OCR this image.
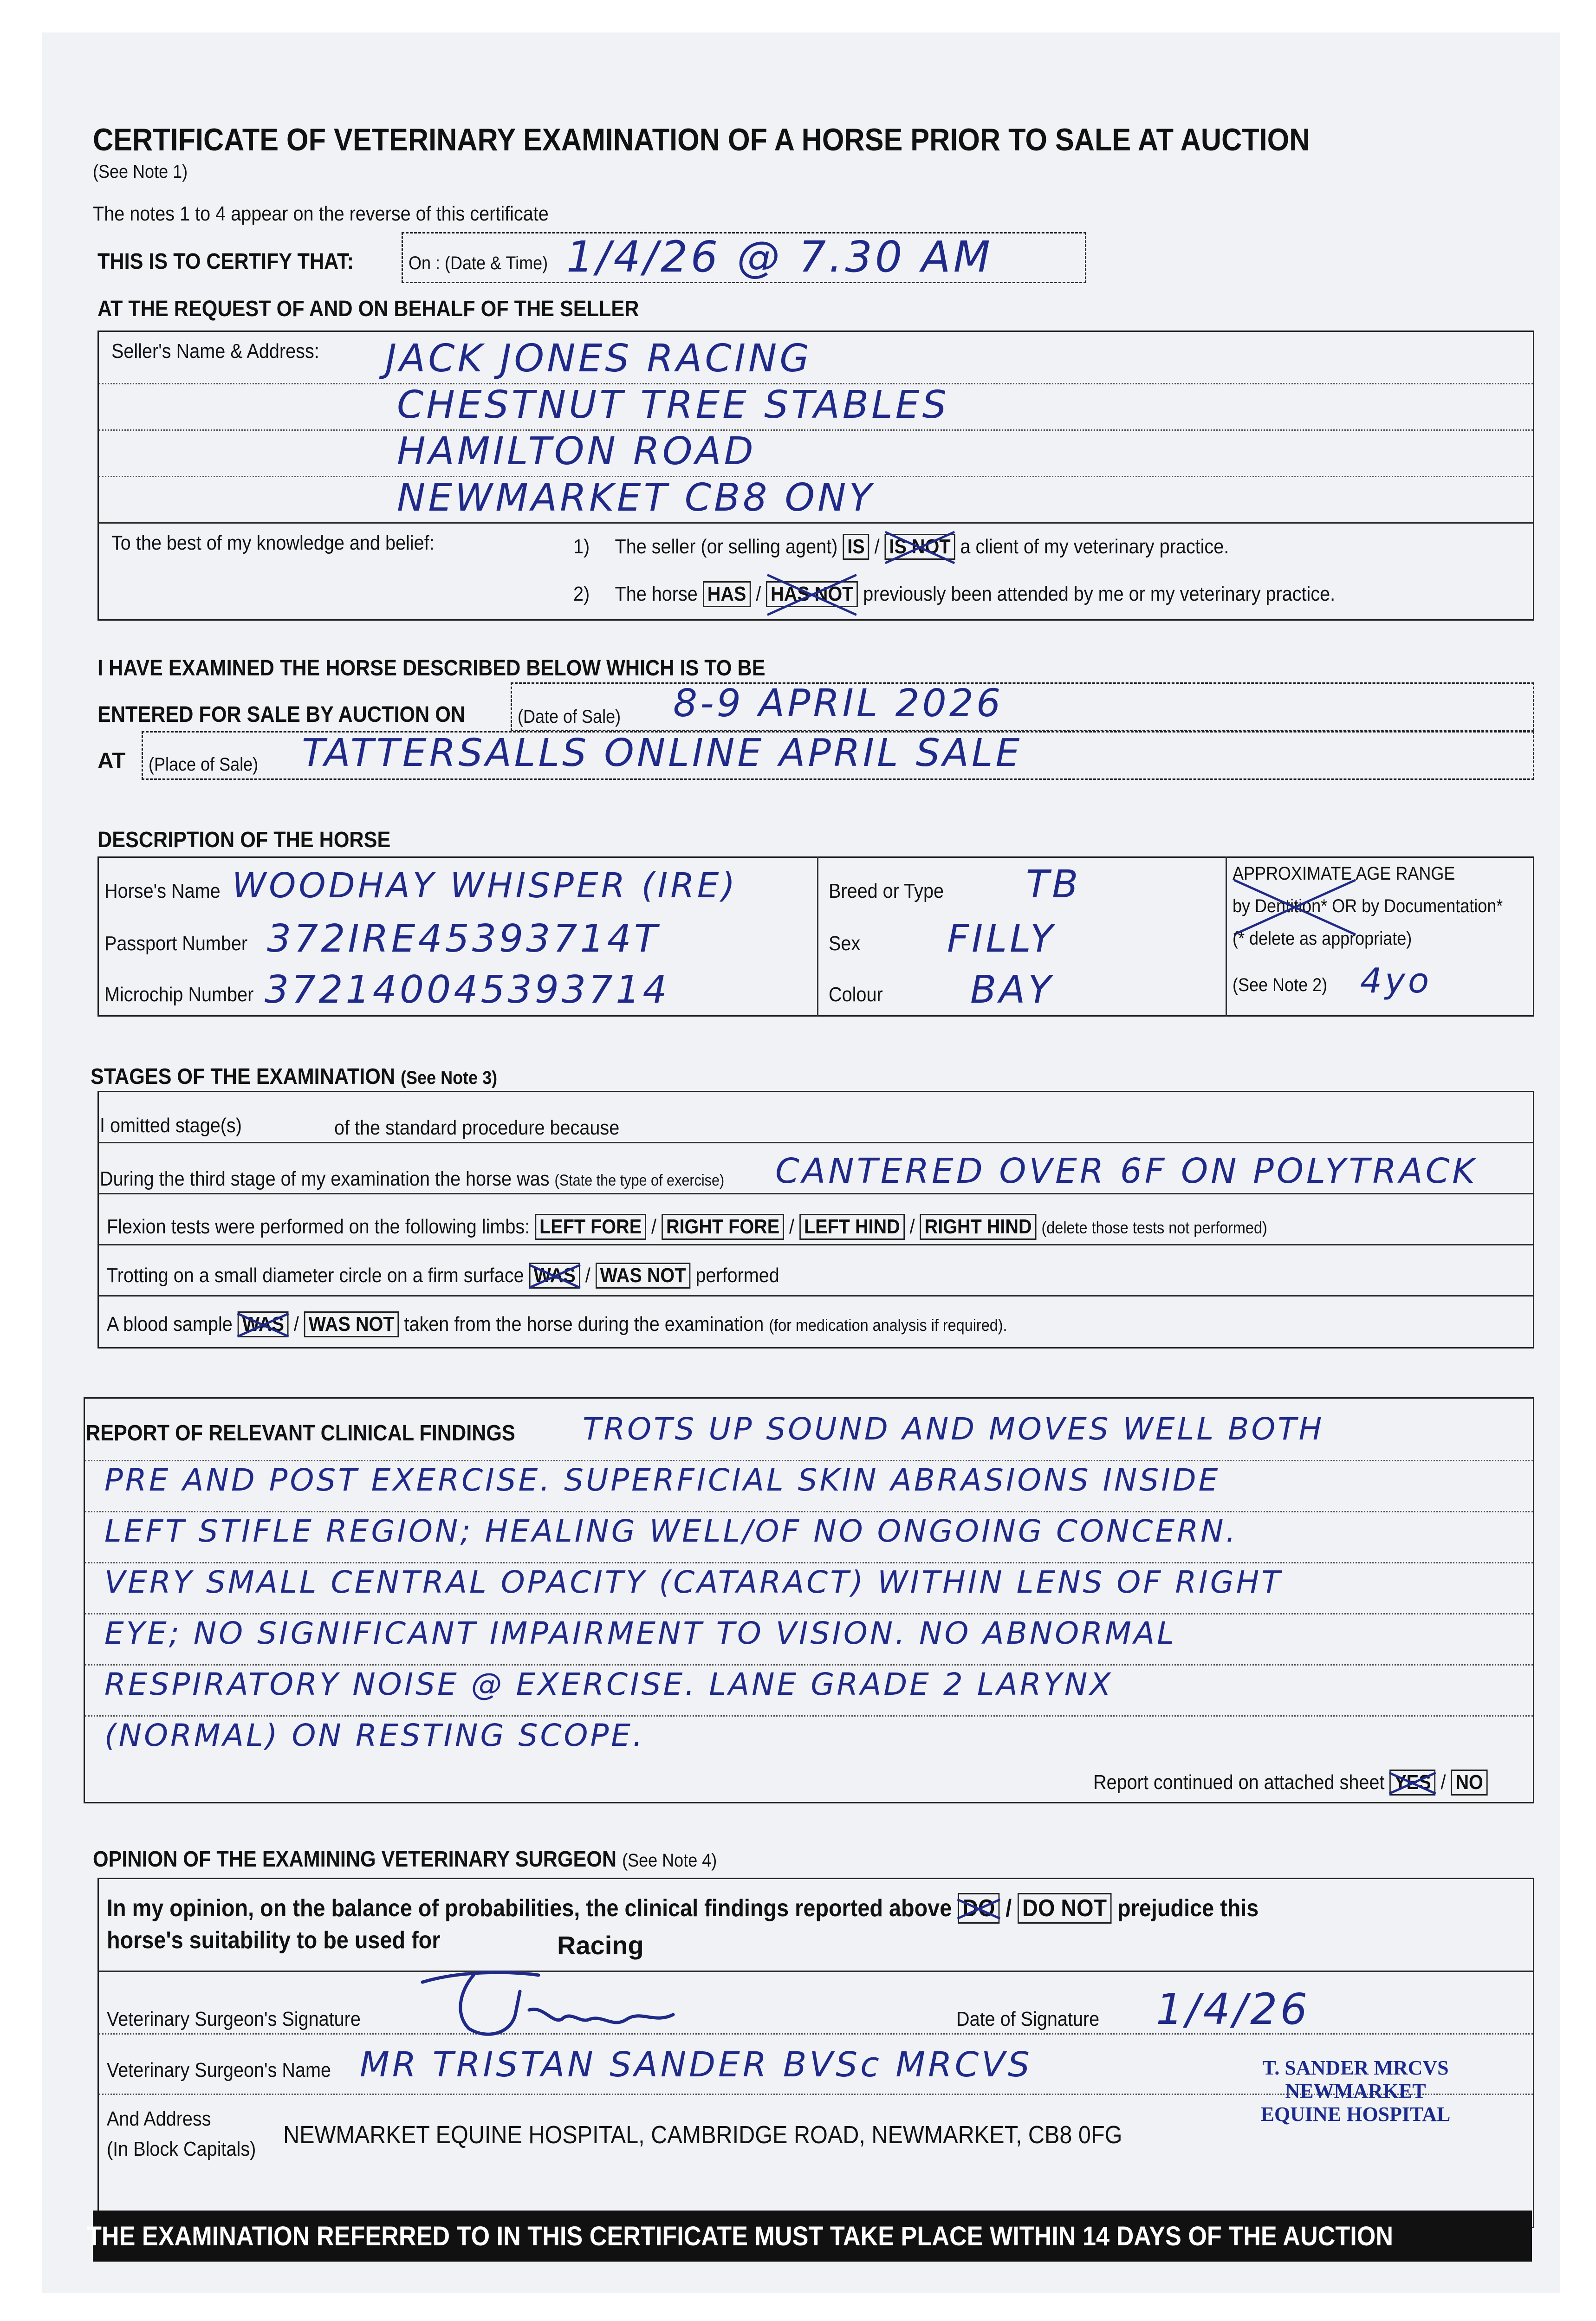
CERTIFICATE OF VETERINARY EXAMINATION OF A HORSE PRIOR TO SALE AT AUCTION
(See Note 1)
The notes 1 to 4 appear on the reverse of this certificate
THIS IS TO CERTIFY THAT:	On : (Date & Time) 1/4/26 @ 7.30 AM
AT THE REQUEST OF AND ON BEHALF OF THE SELLER
Seller's Name & Address:	JACK JONES RACING
CHESTNUT TREE STABLES
HAMILTON ROAD
NEWMARKET CB8 ONY
To the best of my knowledge and belief:	1) The seller (or selling agent) IS / IS NOT a client of my veterinary practice.
2) The horse HAS / HAS NOT previously been attended by me or my veterinary practice.
I HAVE EXAMINED THE HORSE DESCRIBED BELOW WHICH IS TO BE
ENTERED FOR SALE BY AUCTION ON	(Date of Sale)	8-9 APRIL 2026
AT (Place of Sale)	TATTERSALLS ONLINE APRIL SALE
DESCRIPTION OF THE HORSE
Horse's Name WOODHAY WHISPER (IRE)
Passport Number 372IRE45393714T
Microchip Number 372140045393714
Breed or Type	TB
Sex FILLY
Colour BAY
APPROXIMATE AGE RANGE
by Dentition* OR by Documentation*
(* delete as appropriate)
(See Note 2) 4yo
STAGES OF THE EXAMINATION (See Note 3)
I omitted stage(s)	of the standard procedure because
During the third stage of my examination the horse was (State the type of exercise)	CANTERED OVER 6F ON POLYTRACK
Flexion tests were performed on the following limbs: LEFT FORE / RIGHT FORE / LEFT HIND / RIGHT HIND (delete those tests not performed)
Trotting on a small diameter circle on a firm surface WAS / WAS NOT performed
A blood sample WAS / WAS NOT taken from the horse during the examination (for medication analysis if required).
REPORT OF RELEVANT CLINICAL FINDINGS	TROTS UP SOUND AND MOVES WELL BOTH
PRE AND POST EXERCISE. SUPERFICIAL SKIN ABRASIONS INSIDE
LEFT STIFLE REGION; HEALING WELL/OF NO ONGOING CONCERN.
VERY SMALL CENTRAL OPACITY (CATARACT) WITHIN LENS OF RIGHT
EYE; NO SIGNIFICANT IMPAIRMENT TO VISION. NO ABNORMAL
RESPIRATORY NOISE @ EXERCISE. LANE GRADE 2 LARYNX
(NORMAL) ON RESTING SCOPE.
Report continued on attached sheet YES / NO
OPINION OF THE EXAMINING VETERINARY SURGEON (See Note 4)
In my opinion, on the balance of probabilities, the clinical findings reported above DO / DO NOT prejudice this
horse's suitability to be used for	Racing
Veterinary Surgeon's Signature	Date of Signature	1/4/26
Veterinary Surgeon's Name MR TRISTAN SANDER BVSc MRCVS
And Address
(In Block Capitals)
NEWMARKET EQUINE HOSPITAL, CAMBRIDGE ROAD, NEWMARKET, CB8 0FG
T. SANDER MRCVS
NEWMARKET
EQUINE HOSPITAL
THE EXAMINATION REFERRED TO IN THIS CERTIFICATE MUST TAKE PLACE WITHIN 14 DAYS OF THE AUCTION
